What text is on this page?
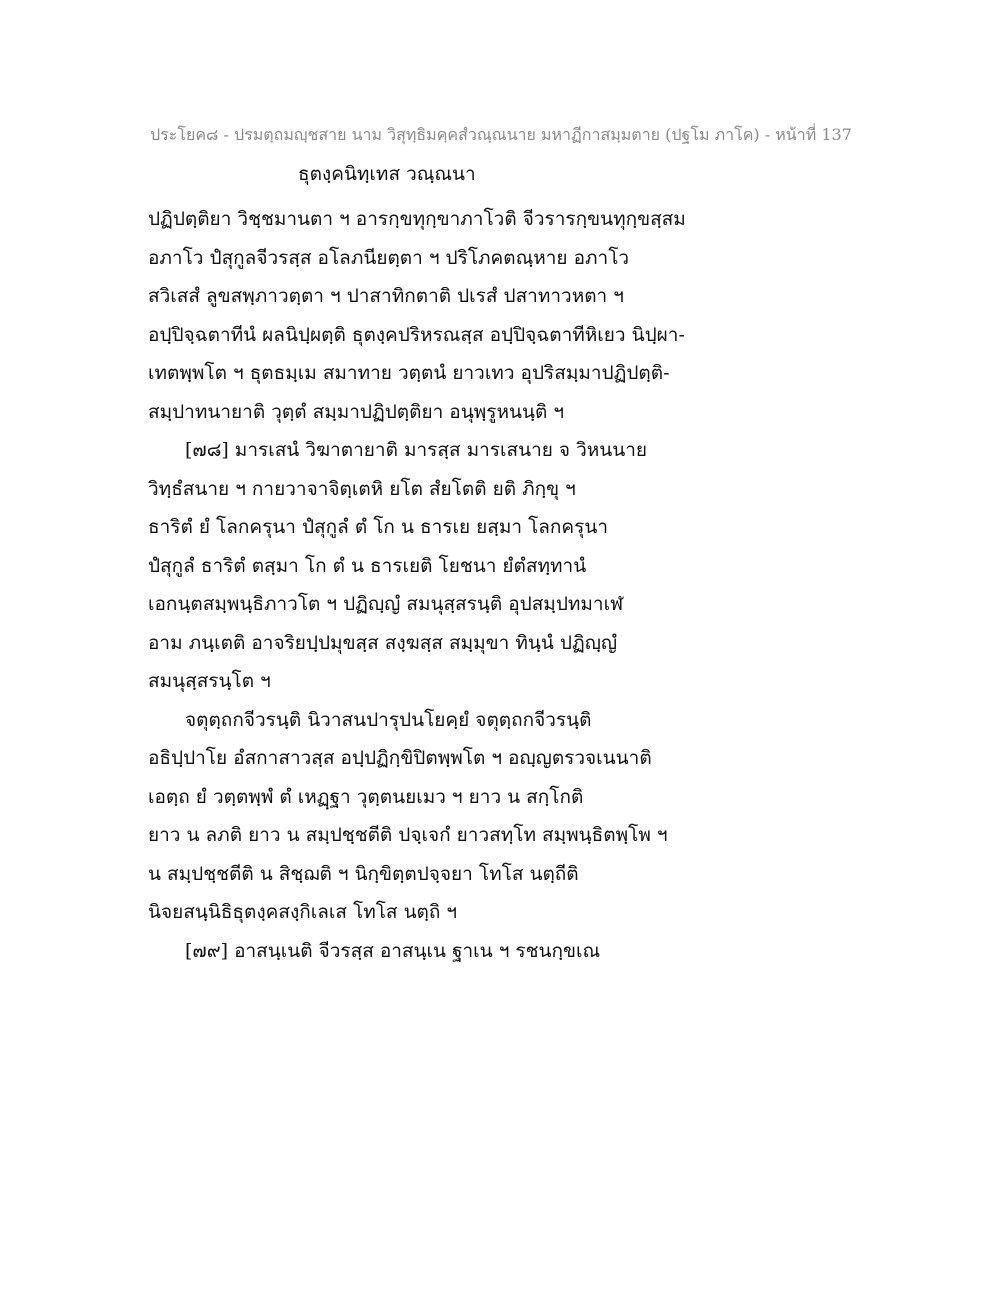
ประโยค๘ - ปรมตฺถมญฺชสาย นาม วิสุทฺธิมคฺคสํวณฺณนาย มหาฏีกาสมฺมตาย (ปฐโม ภาโค) - หน้าที่ 137
ธุตงฺคนิทฺเทส วณฺณนา
ปฏิปตฺติยา วิชฺชมานตา ฯ อารกฺขทุกฺขาภาโวติ จีวรารกฺขนทุกฺขสฺสม
อภาโว ปํสุกูลจีวรสฺส อโลภนียตฺตา ฯ ปริโภคตณฺหาย อภาโว
สวิเสสํ ลูขสพฺภาวตฺตา ฯ ปาสาทิกตาติ ปเรสํ ปสาทาวหตา ฯ
อปฺปิจฺฉตาทีนํ ผลนิปฺผตฺติ ธุตงฺคปริหรณสฺส อปฺปิจฺฉตาทีหิเยว นิปฺผา-
เทตพฺพโต ฯ ธุตธมฺเม สมาทาย วตฺตนํ ยาวเทว อุปริสมฺมาปฏิปตฺติ-
สมฺปาทนายาติ วุตฺตํ สมฺมาปฏิปตฺติยา อนุพฺรูหนนฺติ ฯ
[๗๘] มารเสนํ วิฆาตายาติ มารสฺส มารเสนาย จ วิหนนาย
วิทฺธํสนาย ฯ กายวาจาจิตฺเตหิ ยโต สํยโตติ ยติ ภิกฺขุ ฯ
ธาริตํ ยํ โลกครุนา ปํสุกูลํ ตํ โก น ธารเย ยสฺมา โลกครุนา
ปํสุกูลํ ธาริตํ ตสฺมา โก ตํ น ธารเยติ โยชนา ยํตํสทฺทานํ
เอกนฺตสมฺพนฺธิภาวโต ฯ ปฏิญฺญํ สมนุสฺสรนฺติ อุปสมฺปทมาเฬ
อาม ภนฺเตติ อาจริยปฺปมุขสฺส สงฺฆสฺส สมฺมุขา ทินฺนํ ปฏิญฺญํ
สมนุสฺสรนฺโต ฯ
จตุตฺถกจีวรนฺติ นิวาสนปารุปนโยคฺยํ จตุตฺถกจีวรนฺติ
อธิปฺปาโย อํสกาสาวสฺส อปฺปฏิกฺขิปิตพฺพโต ฯ อญฺญตรวจเนนาติ
เอตฺถ ยํ วตฺตพฺพํ ตํ เหฏฺฐา วุตฺตนยเมว ฯ ยาว น สกฺโกติ
ยาว น ลภติ ยาว น สมฺปชฺชตีติ ปจฺเจกํ ยาวสทฺโท สมฺพนฺธิตพฺโพ ฯ
น สมฺปชฺชตีติ น สิชฺฌติ ฯ นิกฺขิตฺตปจฺจยา โทโส นตฺถีติ
นิจยสนฺนิธิธุตงฺคสงฺกิเลเส โทโส นตฺถิ ฯ
[๗๙] อาสนฺเนติ จีวรสฺส อาสนฺเน ฐาเน ฯ รชนกฺขเณ
